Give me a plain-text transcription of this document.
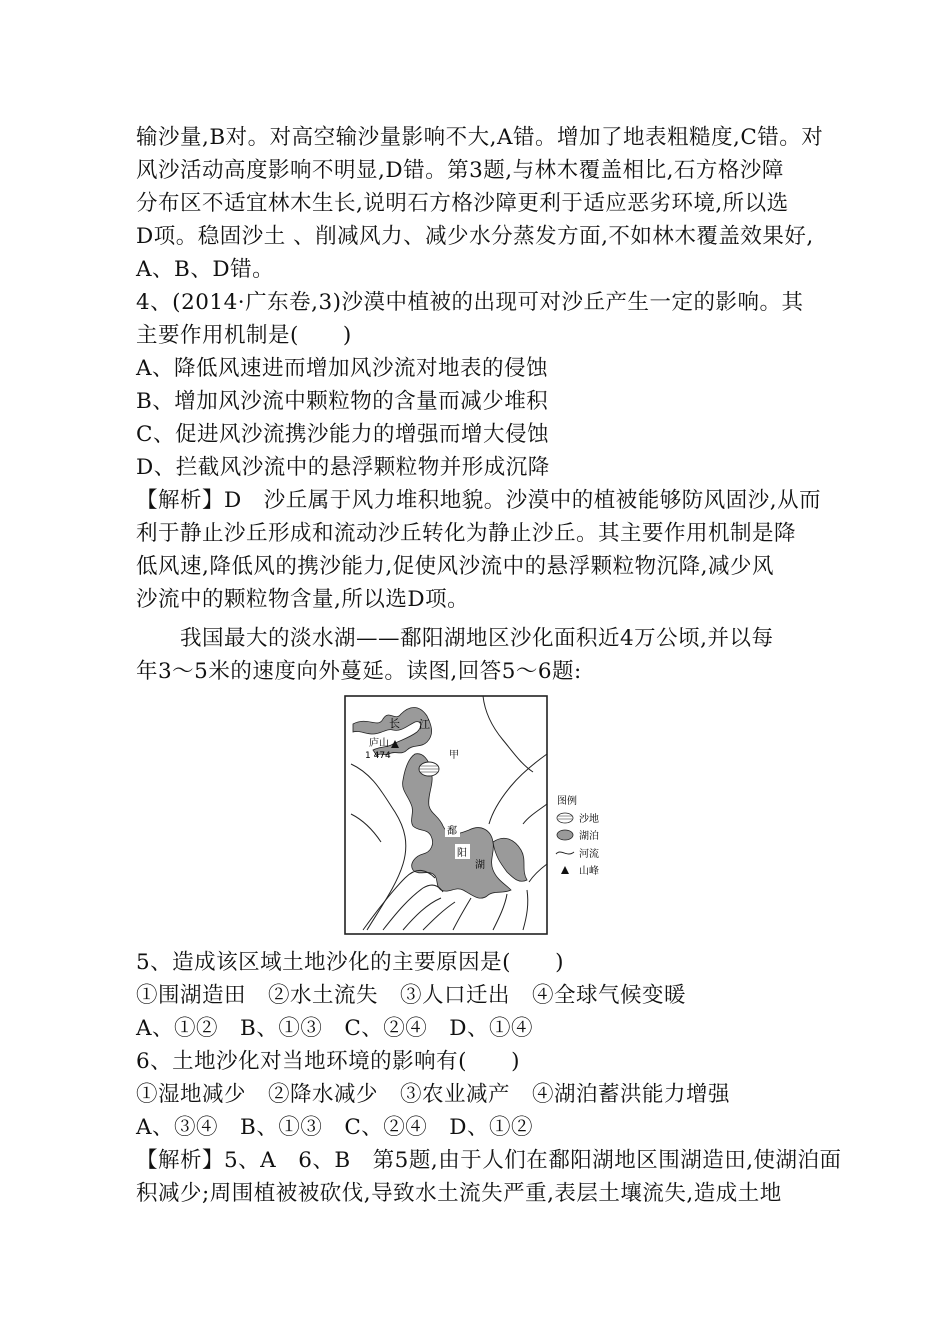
输沙量,B对。对高空输沙量影响不大,A错。增加了地表粗糙度,C错。对
风沙活动高度影响不明显,D错。第3题,与林木覆盖相比,石方格沙障
分布区不适宜林木生长,说明石方格沙障更利于适应恶劣环境,所以选
D项。稳固沙土 、削减风力、减少水分蒸发方面,不如林木覆盖效果好,
A、B、D错。
4、(2014·广东卷,3)沙漠中植被的出现可对沙丘产生一定的影响。其
主要作用机制是(　　)
A、降低风速进而增加风沙流对地表的侵蚀
B、增加风沙流中颗粒物的含量而减少堆积
C、促进风沙流携沙能力的增强而增大侵蚀
D、拦截风沙流中的悬浮颗粒物并形成沉降
【解析】D　沙丘属于风力堆积地貌。沙漠中的植被能够防风固沙,从而
利于静止沙丘形成和流动沙丘转化为静止沙丘。其主要作用机制是降
低风速,降低风的携沙能力,促使风沙流中的悬浮颗粒物沉降,减少风
沙流中的颗粒物含量,所以选D项。
我国最大的淡水湖——鄱阳湖地区沙化面积近4万公顷,并以每
年3～5米的速度向外蔓延。读图,回答5～6题:
长 江
庐山
1 474	甲
鄱
阳
湖
图例
沙地
湖泊
河流
山峰
5、造成该区域土地沙化的主要原因是(　　)
①围湖造田　②水土流失　③人口迁出　④全球气候变暖
A、①②　B、①③　C、②④　D、①④
6、土地沙化对当地环境的影响有(　　)
①湿地减少　②降水减少　③农业减产　④湖泊蓄洪能力增强
A、③④　B、①③　C、②④　D、①②
【解析】5、A　6、B　第5题,由于人们在鄱阳湖地区围湖造田,使湖泊面
积减少;周围植被被砍伐,导致水土流失严重,表层土壤流失,造成土地
